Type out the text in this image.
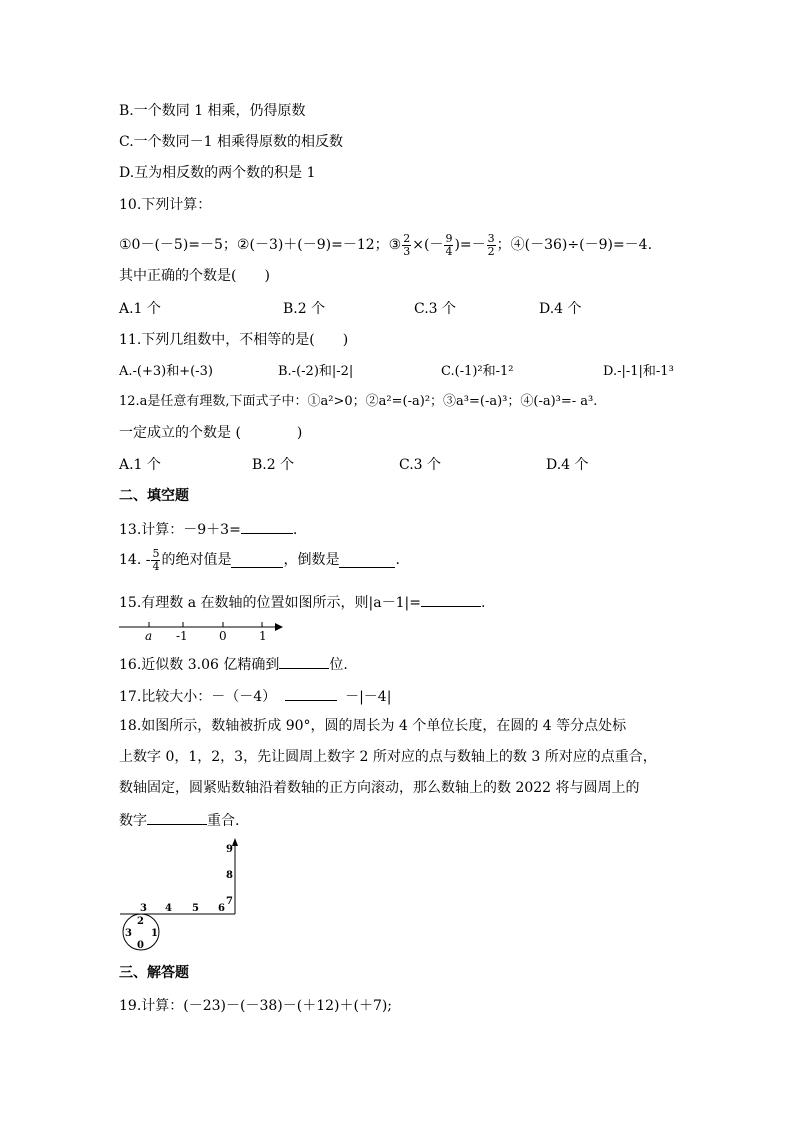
B.一个数同 1 相乘，仍得原数
C.一个数同－1 相乘得原数的相反数
D.互为相反数的两个数的积是 1
10.下列计算：
①0－(－5)=－5；②(－3)＋(－9)=－12；③ $\frac{2}{3}$ ×(－ $\frac{9}{4}$ )=－ $\frac{3}{2}$ ；④(－36)÷(－9)=－4.
其中正确的个数是(　　)
A.1 个	B.2 个	C.3 个	D.4 个
11.下列几组数中，不相等的是(　　)
A.-(+3)和+(-3)	B.-(-2)和|-2|	C.(-1)²和-1²	D.-|-1|和-1³
12.a是任意有理数,下面式子中：①a²>0；②a²=(-a)²；③a³=(-a)³；④(-a)³=- a³.
一定成立的个数是 (　　　　)
A.1 个	B.2 个	C.3 个	D.4 个
二、填空题
13.计算：－9＋3=	.
14. - $\frac{5}{4}$ 的绝对值是	，倒数是	.
15.有理数 a 在数轴的位置如图所示，则|a－1|=	.
a -1	0	1
16.近似数 3.06 亿精确到	位.
17.比较大小：－（－4）	－|－4|
18.如图所示，数轴被折成 90°，圆的周长为 4 个单位长度，在圆的 4 等分点处标
上数字 0，1，2，3，先让圆周上数字 2 所对应的点与数轴上的数 3 所对应的点重合，
数轴固定，圆紧贴数轴沿着数轴的正方向滚动，那么数轴上的数 2022 将与圆周上的
数字	重合.
3 4 5 6
7
8
9
2
3 1
0
三、解答题
19.计算：(－23)－(－38)－(＋12)＋(＋7);
